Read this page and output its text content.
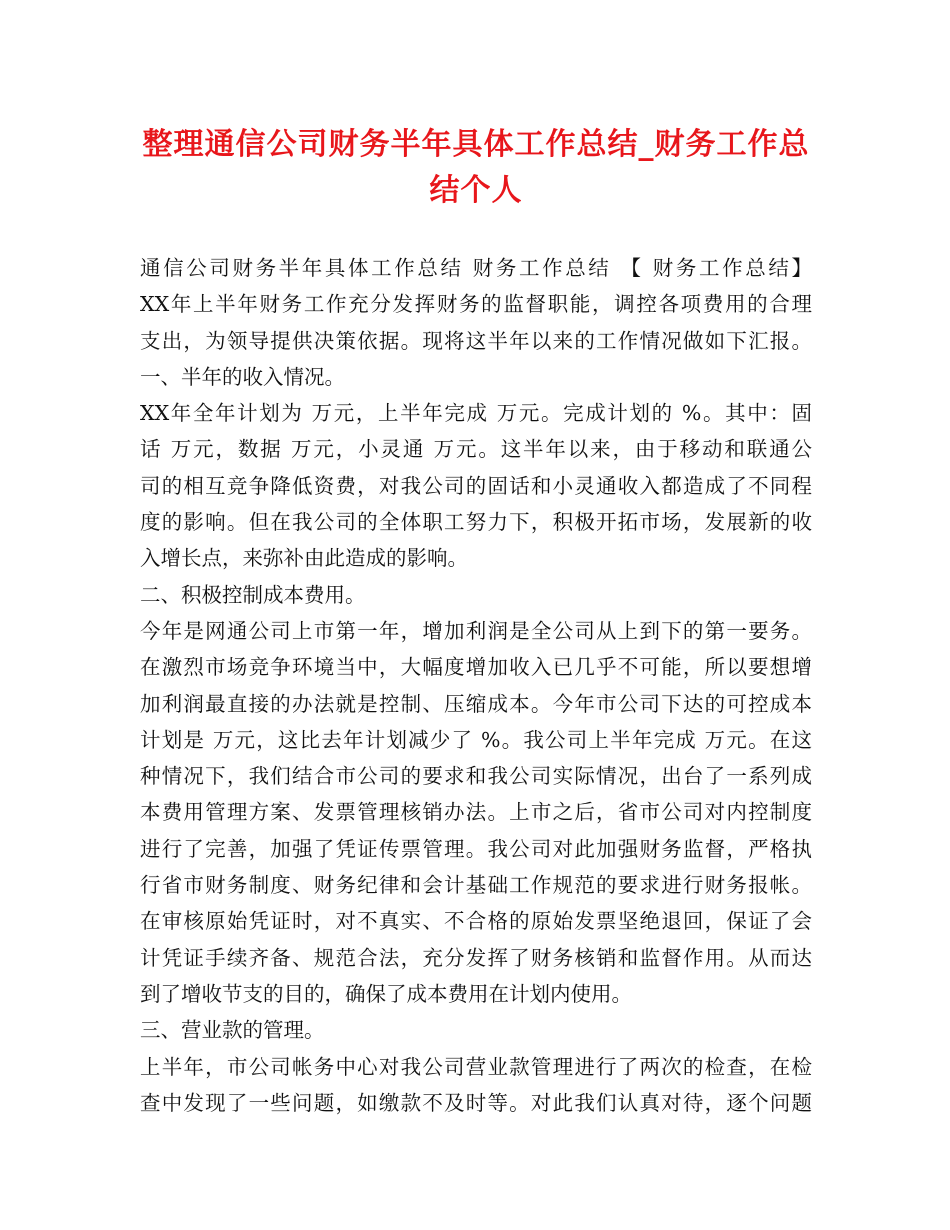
整理通信公司财务半年具体工作总结_财务工作总结个人
通信公司财务半年具体工作总结 财务工作总结 【 财务工作总结】
XX年上半年财务工作充分发挥财务的监督职能，调控各项费用的合理
支出，为领导提供决策依据。现将这半年以来的工作情况做如下汇报。
一、半年的收入情况。
XX年全年计划为 万元，上半年完成 万元。完成计划的 %。其中：固
话 万元，数据 万元，小灵通 万元。这半年以来，由于移动和联通公
司的相互竞争降低资费，对我公司的固话和小灵通收入都造成了不同程
度的影响。但在我公司的全体职工努力下，积极开拓市场，发展新的收
入增长点，来弥补由此造成的影响。
二、积极控制成本费用。
今年是网通公司上市第一年，增加利润是全公司从上到下的第一要务。
在激烈市场竞争环境当中，大幅度增加收入已几乎不可能，所以要想增
加利润最直接的办法就是控制、压缩成本。今年市公司下达的可控成本
计划是 万元，这比去年计划减少了 %。我公司上半年完成 万元。在这
种情况下，我们结合市公司的要求和我公司实际情况，出台了一系列成
本费用管理方案、发票管理核销办法。上市之后，省市公司对内控制度
进行了完善，加强了凭证传票管理。我公司对此加强财务监督，严格执
行省市财务制度、财务纪律和会计基础工作规范的要求进行财务报帐。
在审核原始凭证时，对不真实、不合格的原始发票坚绝退回，保证了会
计凭证手续齐备、规范合法，充分发挥了财务核销和监督作用。从而达
到了增收节支的目的，确保了成本费用在计划内使用。
三、营业款的管理。
上半年，市公司帐务中心对我公司营业款管理进行了两次的检查，在检
查中发现了一些问题，如缴款不及时等。对此我们认真对待，逐个问题
